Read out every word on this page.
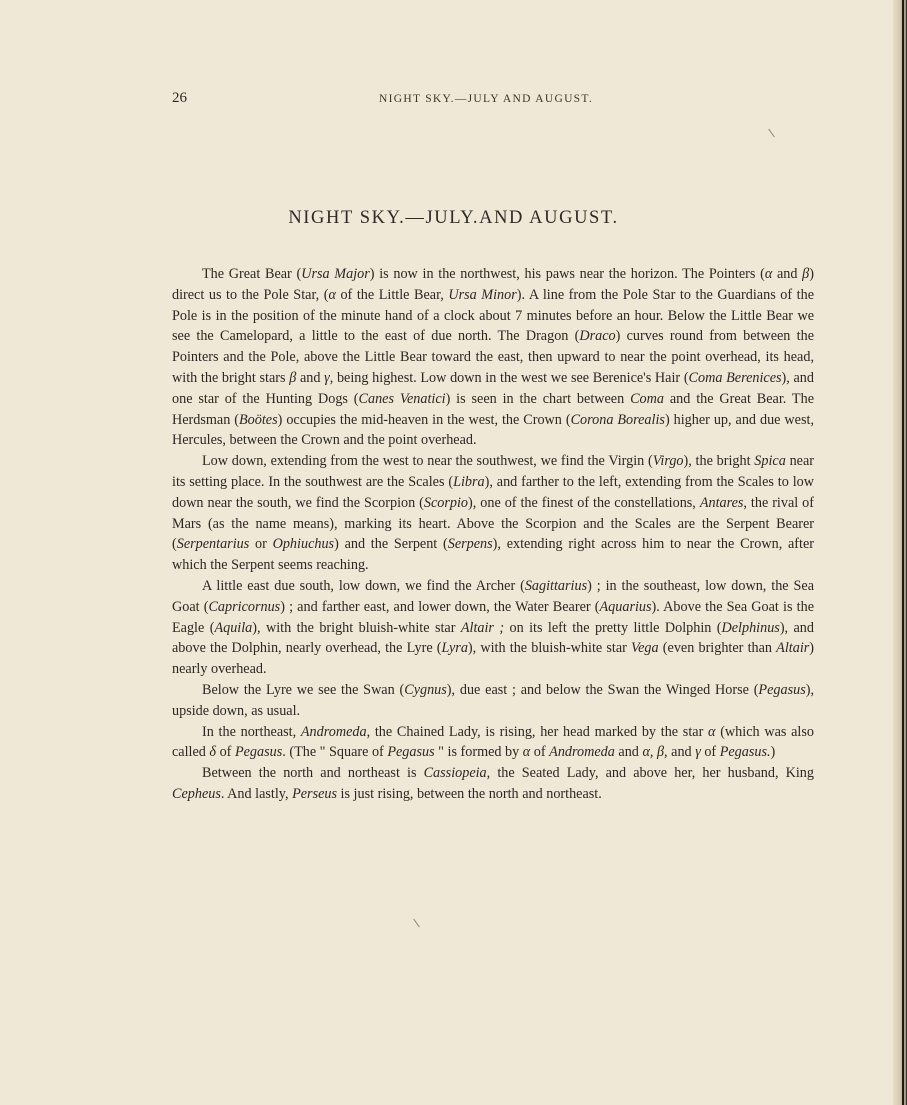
26	NIGHT SKY.—JULY AND AUGUST.
NIGHT SKY.—JULY.AND AUGUST.

The Great Bear (Ursa Major) is now in the northwest, his paws near the horizon. The Pointers (α and β) direct us to the Pole Star, (α of the Little Bear, Ursa Minor). A line from the Pole Star to the Guardians of the Pole is in the position of the minute hand of a clock about 7 minutes before an hour. Below the Little Bear we see the Camelopard, a little to the east of due north. The Dragon (Draco) curves round from between the Pointers and the Pole, above the Little Bear toward the east, then upward to near the point overhead, its head, with the bright stars β and γ, being highest. Low down in the west we see Berenice's Hair (Coma Berenices), and one star of the Hunting Dogs (Canes Venatici) is seen in the chart between Coma and the Great Bear. The Herdsman (Boötes) occupies the mid-heaven in the west, the Crown (Corona Borealis) higher up, and due west, Hercules, between the Crown and the point overhead.

Low down, extending from the west to near the southwest, we find the Virgin (Virgo), the bright Spica near its setting place. In the southwest are the Scales (Libra), and farther to the left, extending from the Scales to low down near the south, we find the Scorpion (Scorpio), one of the finest of the constellations, Antares, the rival of Mars (as the name means), marking its heart. Above the Scorpion and the Scales are the Serpent Bearer (Serpentarius or Ophiuchus) and the Serpent (Serpens), extending right across him to near the Crown, after which the Serpent seems reaching.

A little east due south, low down, we find the Archer (Sagittarius) ; in the southeast, low down, the Sea Goat (Capricornus) ; and farther east, and lower down, the Water Bearer (Aquarius). Above the Sea Goat is the Eagle (Aquila), with the bright bluish-white star Altair ; on its left the pretty little Dolphin (Delphinus), and above the Dolphin, nearly overhead, the Lyre (Lyra), with the bluish-white star Vega (even brighter than Altair) nearly overhead.

Below the Lyre we see the Swan (Cygnus), due east ; and below the Swan the Winged Horse (Pegasus), upside down, as usual.

In the northeast, Andromeda, the Chained Lady, is rising, her head marked by the star α (which was also called δ of Pegasus. (The " Square of Pegasus " is formed by α of Andromeda and α, β, and γ of Pegasus.)

Between the north and northeast is Cassiopeia, the Seated Lady, and above her, her husband, King Cepheus. And lastly, Perseus is just rising, between the north and northeast.
